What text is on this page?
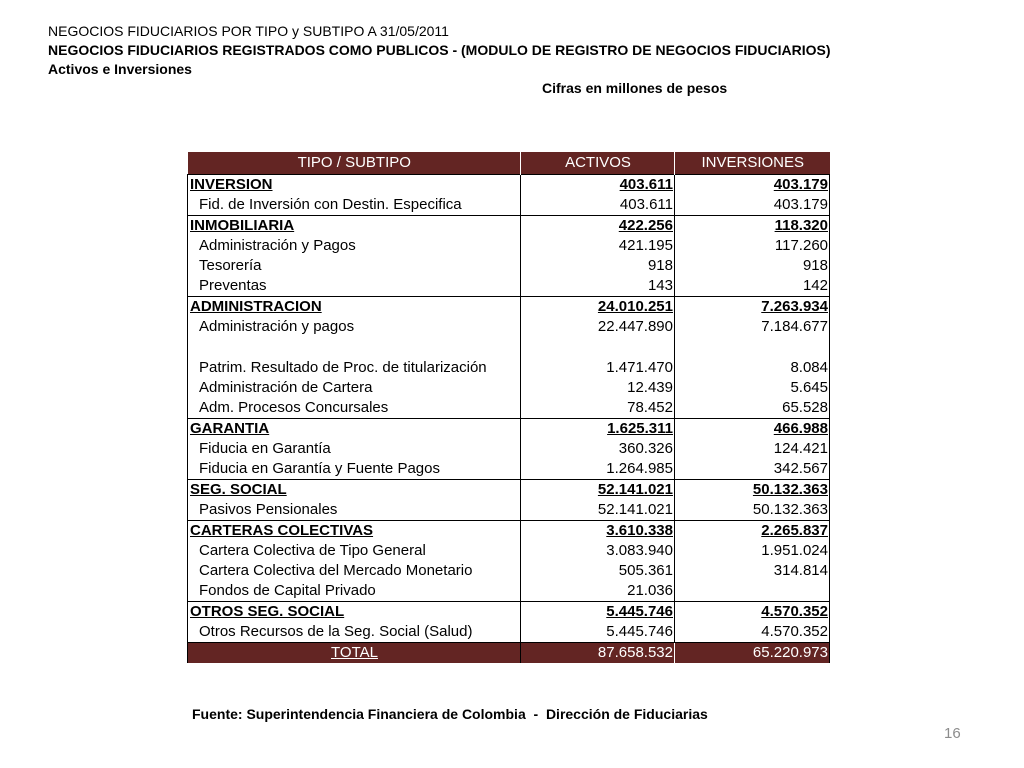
NEGOCIOS FIDUCIARIOS POR TIPO y SUBTIPO A 31/05/2011
NEGOCIOS FIDUCIARIOS REGISTRADOS COMO PUBLICOS - (MODULO DE REGISTRO DE NEGOCIOS FIDUCIARIOS)
Activos e Inversiones
Cifras en millones de pesos
TIPO / SUBTIPO	ACTIVOS	INVERSIONES
INVERSION	403.611	403.179
Fid. de Inversión con Destin. Especifica	403.611	403.179
INMOBILIARIA	422.256	118.320
Administración y Pagos	421.195	117.260
Tesorería	918	918
Preventas	143	142
ADMINISTRACION	24.010.251	7.263.934
Administración y pagos	22.447.890	7.184.677
Patrim. Resultado de Proc. de titularización	1.471.470	8.084
Administración de Cartera	12.439	5.645
Adm. Procesos Concursales	78.452	65.528
GARANTIA	1.625.311	466.988
Fiducia en Garantía	360.326	124.421
Fiducia en Garantía y Fuente Pagos	1.264.985	342.567
SEG. SOCIAL	52.141.021	50.132.363
Pasivos Pensionales	52.141.021	50.132.363
CARTERAS COLECTIVAS	3.610.338	2.265.837
Cartera Colectiva de Tipo General	3.083.940	1.951.024
Cartera Colectiva del Mercado Monetario	505.361	314.814
Fondos de Capital Privado	21.036	
OTROS SEG. SOCIAL	5.445.746	4.570.352
Otros Recursos de la Seg. Social (Salud)	5.445.746	4.570.352
TOTAL	87.658.532	65.220.973
Fuente: Superintendencia Financiera de Colombia  -  Dirección de Fiduciarias
16
